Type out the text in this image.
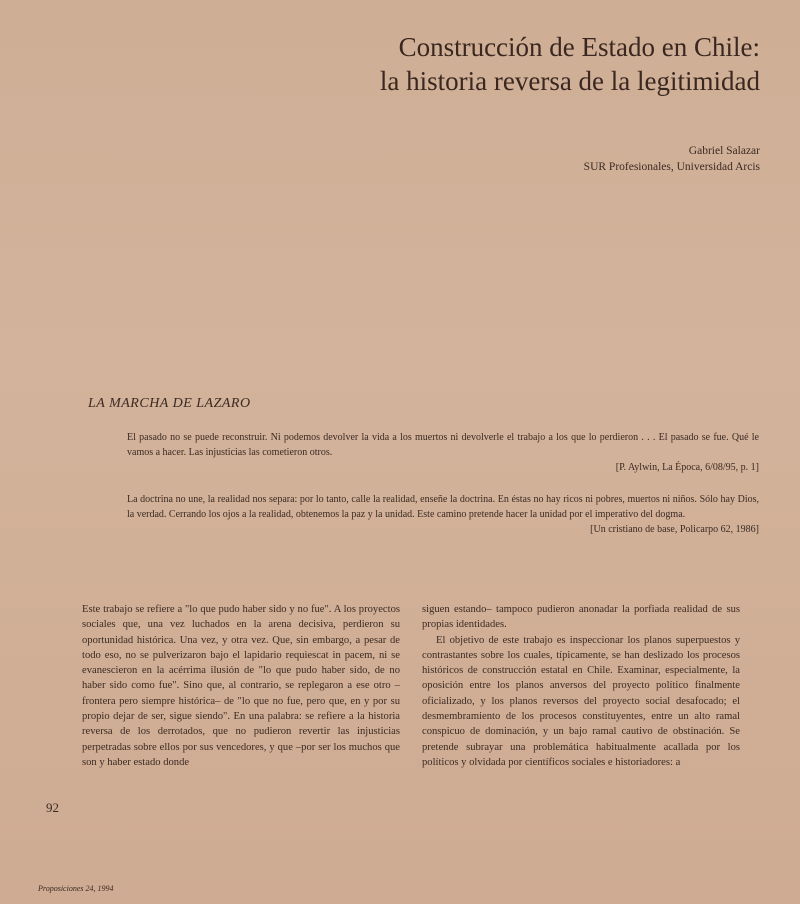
Construcción de Estado en Chile:
la historia reversa de la legitimidad
Gabriel Salazar
SUR Profesionales, Universidad Arcis
LA MARCHA DE LAZARO
El pasado no se puede reconstruir. Ni podemos devolver la vida a los muertos ni devolverle el trabajo a los que lo perdieron . . . El pasado se fue. Qué le vamos a hacer. Las injusticias las cometieron otros.
[P. Aylwin, La Época, 6/08/95, p. 1]
La doctrina no une, la realidad nos separa: por lo tanto, calle la realidad, enseñe la doctrina. En éstas no hay ricos ni pobres, muertos ni niños. Sólo hay Dios, la verdad. Cerrando los ojos a la realidad, obtenemos la paz y la unidad. Este camino pretende hacer la unidad por el imperativo del dogma.
[Un cristiano de base, Policarpo 62, 1986]

Este trabajo se refiere a "lo que pudo haber sido y no fue". A los proyectos sociales que, una vez luchados en la arena decisiva, perdieron su oportunidad histórica. Una vez, y otra vez. Que, sin embargo, a pesar de todo eso, no se pulverizaron bajo el lapidario requiescat in pacem, ni se evanescieron en la acérrima ilusión de "lo que pudo haber sido, de no haber sido como fue". Sino que, al contrario, se replegaron a ese otro –frontera pero siempre histórica– de "lo que no fue, pero que, en y por su propio dejar de ser, sigue siendo". En una palabra: se refiere a la historia reversa de los derrotados, que no pudieron revertir las injusticias perpetradas sobre ellos por sus vencedores, y que –por ser los muchos que son y haber estado donde

siguen estando– tampoco pudieron anonadar la porfiada realidad de sus propias identidades.

El objetivo de este trabajo es inspeccionar los planos superpuestos y contrastantes sobre los cuales, típicamente, se han deslizado los procesos históricos de construcción estatal en Chile. Examinar, especialmente, la oposición entre los planos anversos del proyecto político finalmente oficializado, y los planos reversos del proyecto social desafocado; el desmembramiento de los procesos constituyentes, entre un alto ramal conspicuo de dominación, y un bajo ramal cautivo de obstinación. Se pretende subrayar una problemática habitualmente acallada por los políticos y olvidada por científicos sociales e historiadores: a

92
Proposiciones 24, 1994
